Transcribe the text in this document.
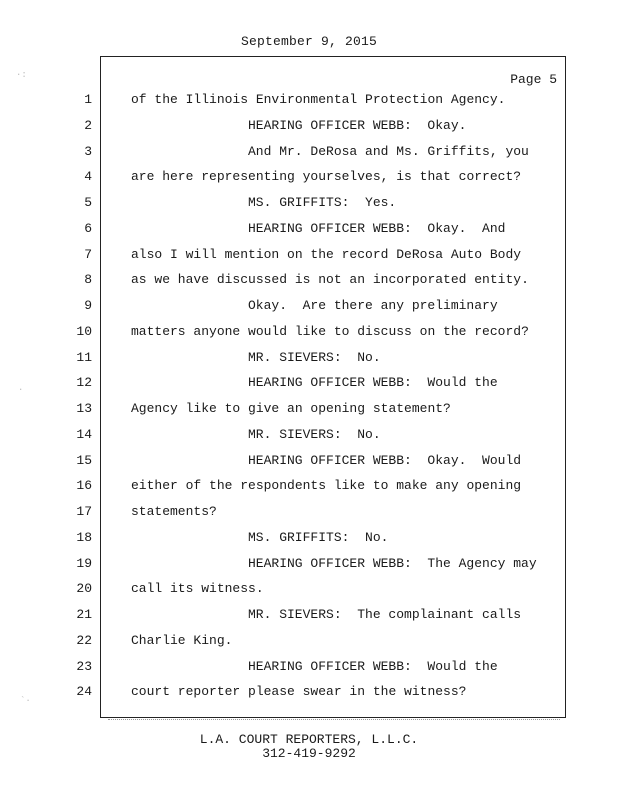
September 9, 2015
Page 5
1	of the Illinois Environmental Protection Agency.
2	HEARING OFFICER WEBB:  Okay.
3	And Mr. DeRosa and Ms. Griffits, you
4	are here representing yourselves, is that correct?
5	MS. GRIFFITS:  Yes.
6	HEARING OFFICER WEBB:  Okay.  And
7	also I will mention on the record DeRosa Auto Body
8	as we have discussed is not an incorporated entity.
9	Okay.  Are there any preliminary
10	matters anyone would like to discuss on the record?
11	MR. SIEVERS:  No.
12	HEARING OFFICER WEBB:  Would the
13	Agency like to give an opening statement?
14	MR. SIEVERS:  No.
15	HEARING OFFICER WEBB:  Okay.  Would
16	either of the respondents like to make any opening
17	statements?
18	MS. GRIFFITS:  No.
19	HEARING OFFICER WEBB:  The Agency may
20	call its witness.
21	MR. SIEVERS:  The complainant calls
22	Charlie King.
23	HEARING OFFICER WEBB:  Would the
24	court reporter please swear in the witness?
L.A. COURT REPORTERS, L.L.C.
312-419-9292
·:
·
`·
